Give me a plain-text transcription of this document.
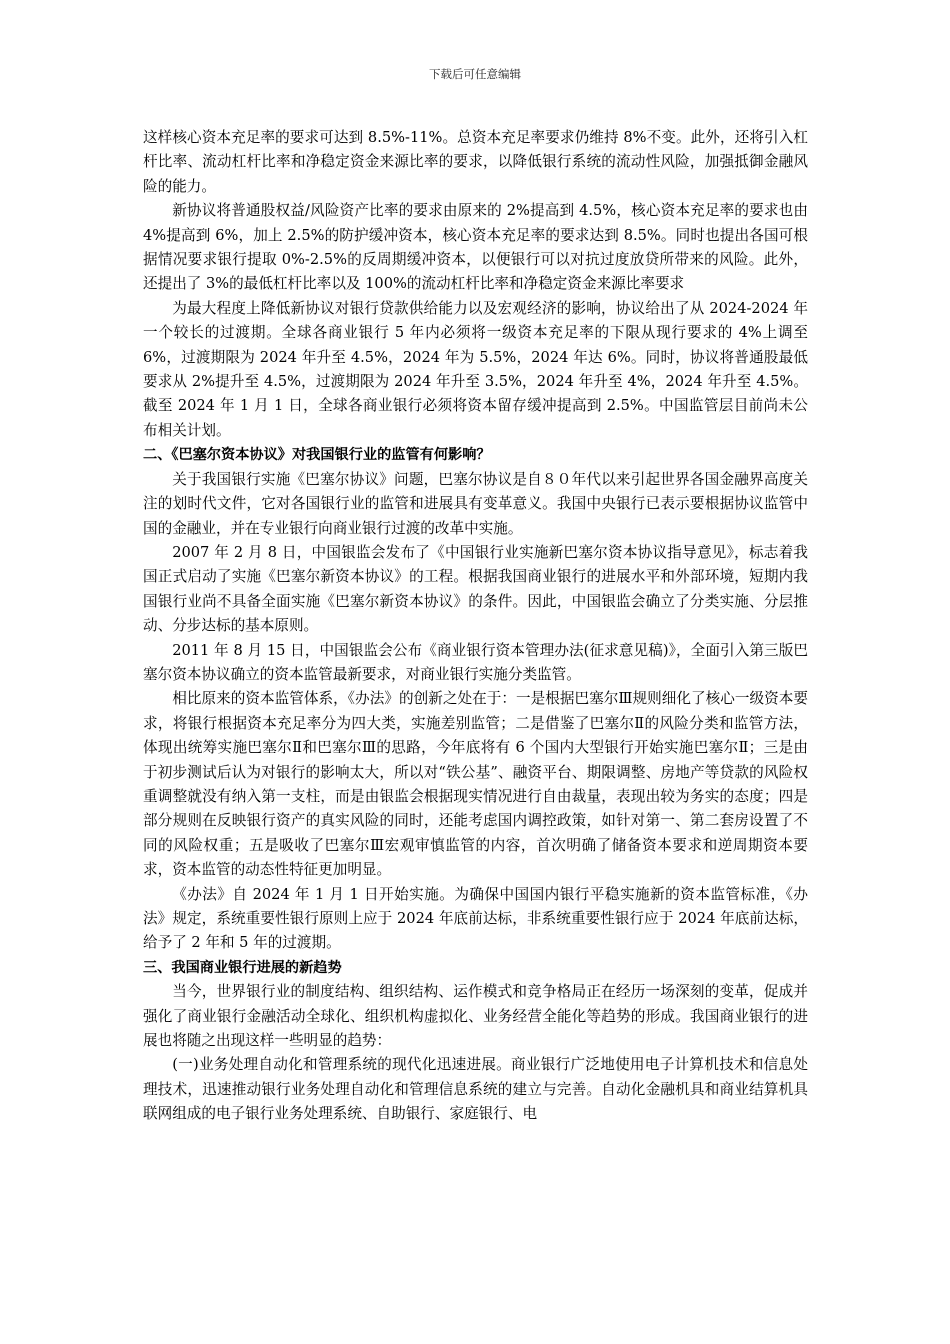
下载后可任意编辑

这样核心资本充足率的要求可达到 8.5%-11%。总资本充足率要求仍维持 8%不变。此外，还将引入杠杆比率、流动杠杆比率和净稳定资金来源比率的要求，以降低银行系统的流动性风险，加强抵御金融风险的能力。

新协议将普通股权益/风险资产比率的要求由原来的 2%提高到 4.5%，核心资本充足率的要求也由 4%提高到 6%，加上 2.5%的防护缓冲资本，核心资本充足率的要求达到 8.5%。同时也提出各国可根据情况要求银行提取 0%-2.5%的反周期缓冲资本，以便银行可以对抗过度放贷所带来的风险。此外，还提出了 3%的最低杠杆比率以及 100%的流动杠杆比率和净稳定资金来源比率要求

为最大程度上降低新协议对银行贷款供给能力以及宏观经济的影响，协议给出了从 2024-2024 年一个较长的过渡期。全球各商业银行 5 年内必须将一级资本充足率的下限从现行要求的 4%上调至 6%，过渡期限为 2024 年升至 4.5%，2024 年为 5.5%，2024 年达 6%。同时，协议将普通股最低要求从 2%提升至 4.5%，过渡期限为 2024 年升至 3.5%，2024 年升至 4%，2024 年升至 4.5%。截至 2024 年 1 月 1 日，全球各商业银行必须将资本留存缓冲提高到 2.5%。中国监管层目前尚未公布相关计划。

二、《巴塞尔资本协议》对我国银行业的监管有何影响？

关于我国银行实施《巴塞尔协议》问题，巴塞尔协议是自８０年代以来引起世界各国金融界高度关注的划时代文件，它对各国银行业的监管和进展具有变革意义。我国中央银行已表示要根据协议监管中国的金融业，并在专业银行向商业银行过渡的改革中实施。

2007 年 2 月 8 日，中国银监会发布了《中国银行业实施新巴塞尔资本协议指导意见》，标志着我国正式启动了实施《巴塞尔新资本协议》的工程。根据我国商业银行的进展水平和外部环境，短期内我国银行业尚不具备全面实施《巴塞尔新资本协议》的条件。因此，中国银监会确立了分类实施、分层推动、分步达标的基本原则。

2011 年 8 月 15 日，中国银监会公布《商业银行资本管理办法(征求意见稿)》，全面引入第三版巴塞尔资本协议确立的资本监管最新要求，对商业银行实施分类监管。

相比原来的资本监管体系，《办法》的创新之处在于：一是根据巴塞尔Ⅲ规则细化了核心一级资本要求，将银行根据资本充足率分为四大类，实施差别监管；二是借鉴了巴塞尔Ⅱ的风险分类和监管方法，体现出统筹实施巴塞尔Ⅱ和巴塞尔Ⅲ的思路，今年底将有 6 个国内大型银行开始实施巴塞尔Ⅱ；三是由于初步测试后认为对银行的影响太大，所以对“铁公基”、融资平台、期限调整、房地产等贷款的风险权重调整就没有纳入第一支柱，而是由银监会根据现实情况进行自由裁量，表现出较为务实的态度；四是部分规则在反映银行资产的真实风险的同时，还能考虑国内调控政策，如针对第一、第二套房设置了不同的风险权重；五是吸收了巴塞尔Ⅲ宏观审慎监管的内容，首次明确了储备资本要求和逆周期资本要求，资本监管的动态性特征更加明显。

《办法》自 2024 年 1 月 1 日开始实施。为确保中国国内银行平稳实施新的资本监管标准，《办法》规定，系统重要性银行原则上应于 2024 年底前达标，非系统重要性银行应于 2024 年底前达标，给予了 2 年和 5 年的过渡期。

三、我国商业银行进展的新趋势

当今，世界银行业的制度结构、组织结构、运作模式和竞争格局正在经历一场深刻的变革，促成并强化了商业银行金融活动全球化、组织机构虚拟化、业务经营全能化等趋势的形成。我国商业银行的进展也将随之出现这样一些明显的趋势：

(一)业务处理自动化和管理系统的现代化迅速进展。商业银行广泛地使用电子计算机技术和信息处理技术，迅速推动银行业务处理自动化和管理信息系统的建立与完善。自动化金融机具和商业结算机具联网组成的电子银行业务处理系统、自助银行、家庭银行、电
